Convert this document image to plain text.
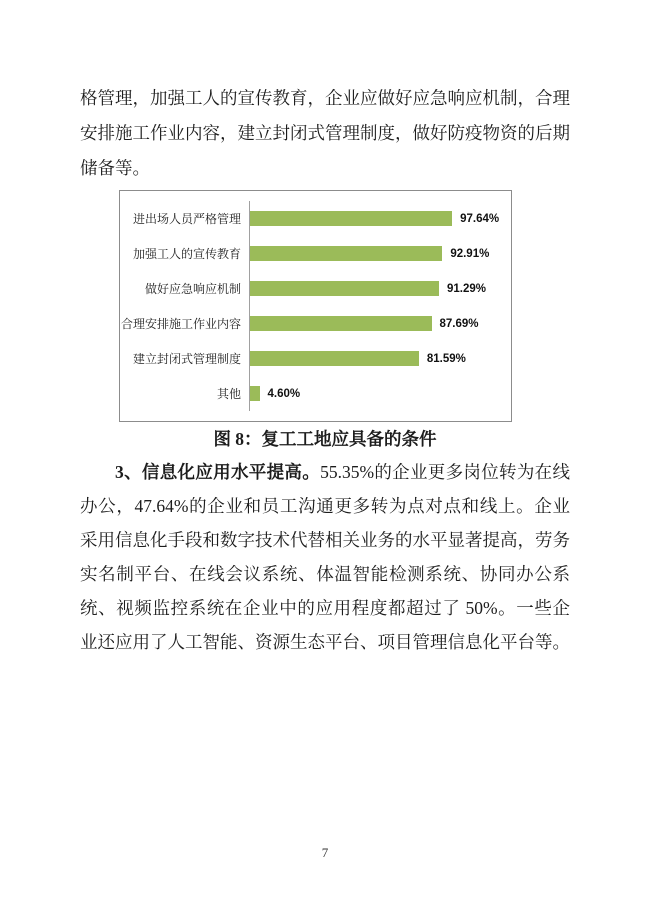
格管理，加强工人的宣传教育，企业应做好应急响应机制，合理安排施工作业内容，建立封闭式管理制度，做好防疫物资的后期储备等。

进出场人员严格管理	97.64%
加强工人的宣传教育	92.91%
做好应急响应机制	91.29%
合理安排施工作业内容	87.69%
建立封闭式管理制度	81.59%
其他	4.60%
图 8：复工工地应具备的条件

3、信息化应用水平提高。55.35%的企业更多岗位转为在线办公，47.64%的企业和员工沟通更多转为点对点和线上。企业采用信息化手段和数字技术代替相关业务的水平显著提高，劳务实名制平台、在线会议系统、体温智能检测系统、协同办公系统、视频监控系统在企业中的应用程度都超过了 50%。一些企业还应用了人工智能、资源生态平台、项目管理信息化平台等。

7
